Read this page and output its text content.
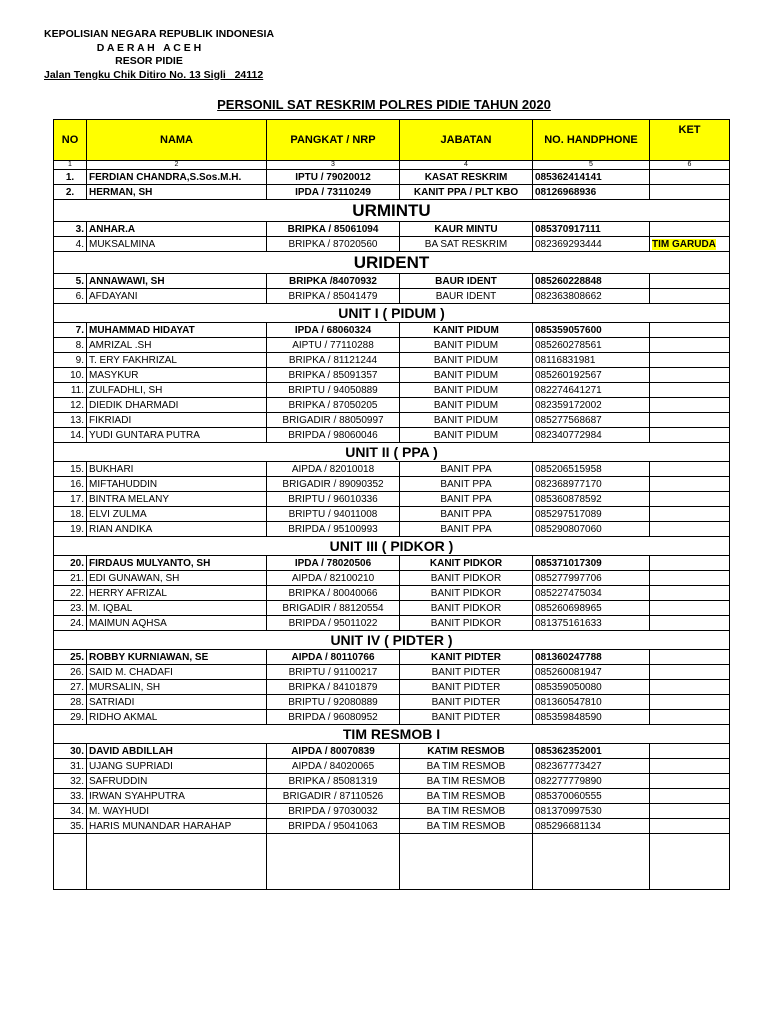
KEPOLISIAN NEGARA REPUBLIK INDONESIA
D A E R A H   A C E H
RESOR PIDIE
Jalan Tengku Chik Ditiro No. 13 Sigli   24112
PERSONIL SAT RESKRIM POLRES PIDIE TAHUN 2020
NO	NAMA	PANGKAT / NRP	JABATAN	NO. HANDPHONE	KET
1	2	3	4	5	6
1.	FERDIAN CHANDRA,S.Sos.M.H.	IPTU / 79020012	KASAT RESKRIM	085362414141	
2.	HERMAN, SH	IPDA / 73110249	KANIT PPA / PLT KBO	08126968936	
URMINTU					
3.	ANHAR.A	BRIPKA / 85061094	KAUR MINTU	085370917111	
4.	MUKSALMINA	BRIPKA / 87020560	BA SAT RESKRIM	082369293444	TIM GARUDA
URIDENT					
5.	ANNAWAWI, SH	BRIPKA /84070932	BAUR IDENT	085260228848	
6.	AFDAYANI	BRIPKA / 85041479	BAUR IDENT	082363808662	
UNIT I ( PIDUM )					
7.	MUHAMMAD HIDAYAT	IPDA / 68060324	KANIT PIDUM	085359057600	
8.	AMRIZAL .SH	AIPTU / 77110288	BANIT PIDUM	085260278561	
9.	T. ERY FAKHRIZAL	BRIPKA / 81121244	BANIT PIDUM	08116831981	
10.	MASYKUR	BRIPKA / 85091357	BANIT PIDUM	085260192567	
11.	ZULFADHLI, SH	BRIPTU / 94050889	BANIT PIDUM	082274641271	
12.	DIEDIK DHARMADI	BRIPKA / 87050205	BANIT PIDUM	082359172002	
13.	FIKRIADI	BRIGADIR / 88050997	BANIT PIDUM	085277568687	
14.	YUDI GUNTARA PUTRA	BRIPDA / 98060046	BANIT PIDUM	082340772984	
UNIT II ( PPA )					
15.	BUKHARI	AIPDA / 82010018	BANIT PPA	085206515958	
16.	MIFTAHUDDIN	BRIGADIR / 89090352	BANIT PPA	082368977170	
17.	BINTRA MELANY	BRIPTU / 96010336	BANIT PPA	085360878592	
18.	ELVI ZULMA	BRIPTU / 94011008	BANIT PPA	085297517089	
19.	RIAN ANDIKA	BRIPDA / 95100993	BANIT PPA	085290807060	
UNIT III ( PIDKOR )					
20.	FIRDAUS MULYANTO, SH	IPDA / 78020506	KANIT PIDKOR	085371017309	
21.	EDI GUNAWAN, SH	AIPDA / 82100210	BANIT PIDKOR	085277997706	
22.	HERRY AFRIZAL	BRIPKA / 80040066	BANIT PIDKOR	085227475034	
23.	M. IQBAL	BRIGADIR / 88120554	BANIT PIDKOR	085260698965	
24.	MAIMUN AQHSA	BRIPDA / 95011022	BANIT PIDKOR	081375161633	
UNIT IV ( PIDTER )					
25.	ROBBY KURNIAWAN, SE	AIPDA / 80110766	KANIT PIDTER	081360247788	
26.	SAID M. CHADAFI	BRIPTU / 91100217	BANIT PIDTER	085260081947	
27.	MURSALIN, SH	BRIPKA / 84101879	BANIT PIDTER	085359050080	
28.	SATRIADI	BRIPTU / 92080889	BANIT PIDTER	081360547810	
29.	RIDHO AKMAL	BRIPDA / 96080952	BANIT PIDTER	085359848590	
TIM RESMOB I					
30.	DAVID ABDILLAH	AIPDA / 80070839	KATIM RESMOB	085362352001	
31.	UJANG SUPRIADI	AIPDA / 84020065	BA TIM RESMOB	082367773427	
32.	SAFRUDDIN	BRIPKA / 85081319	BA TIM RESMOB	082277779890	
33.	IRWAN SYAHPUTRA	BRIGADIR / 87110526	BA TIM RESMOB	085370060555	
34.	M. WAYHUDI	BRIPDA / 97030032	BA TIM RESMOB	081370997530	
35.	HARIS MUNANDAR HARAHAP	BRIPDA / 95041063	BA TIM RESMOB	085296681134	
